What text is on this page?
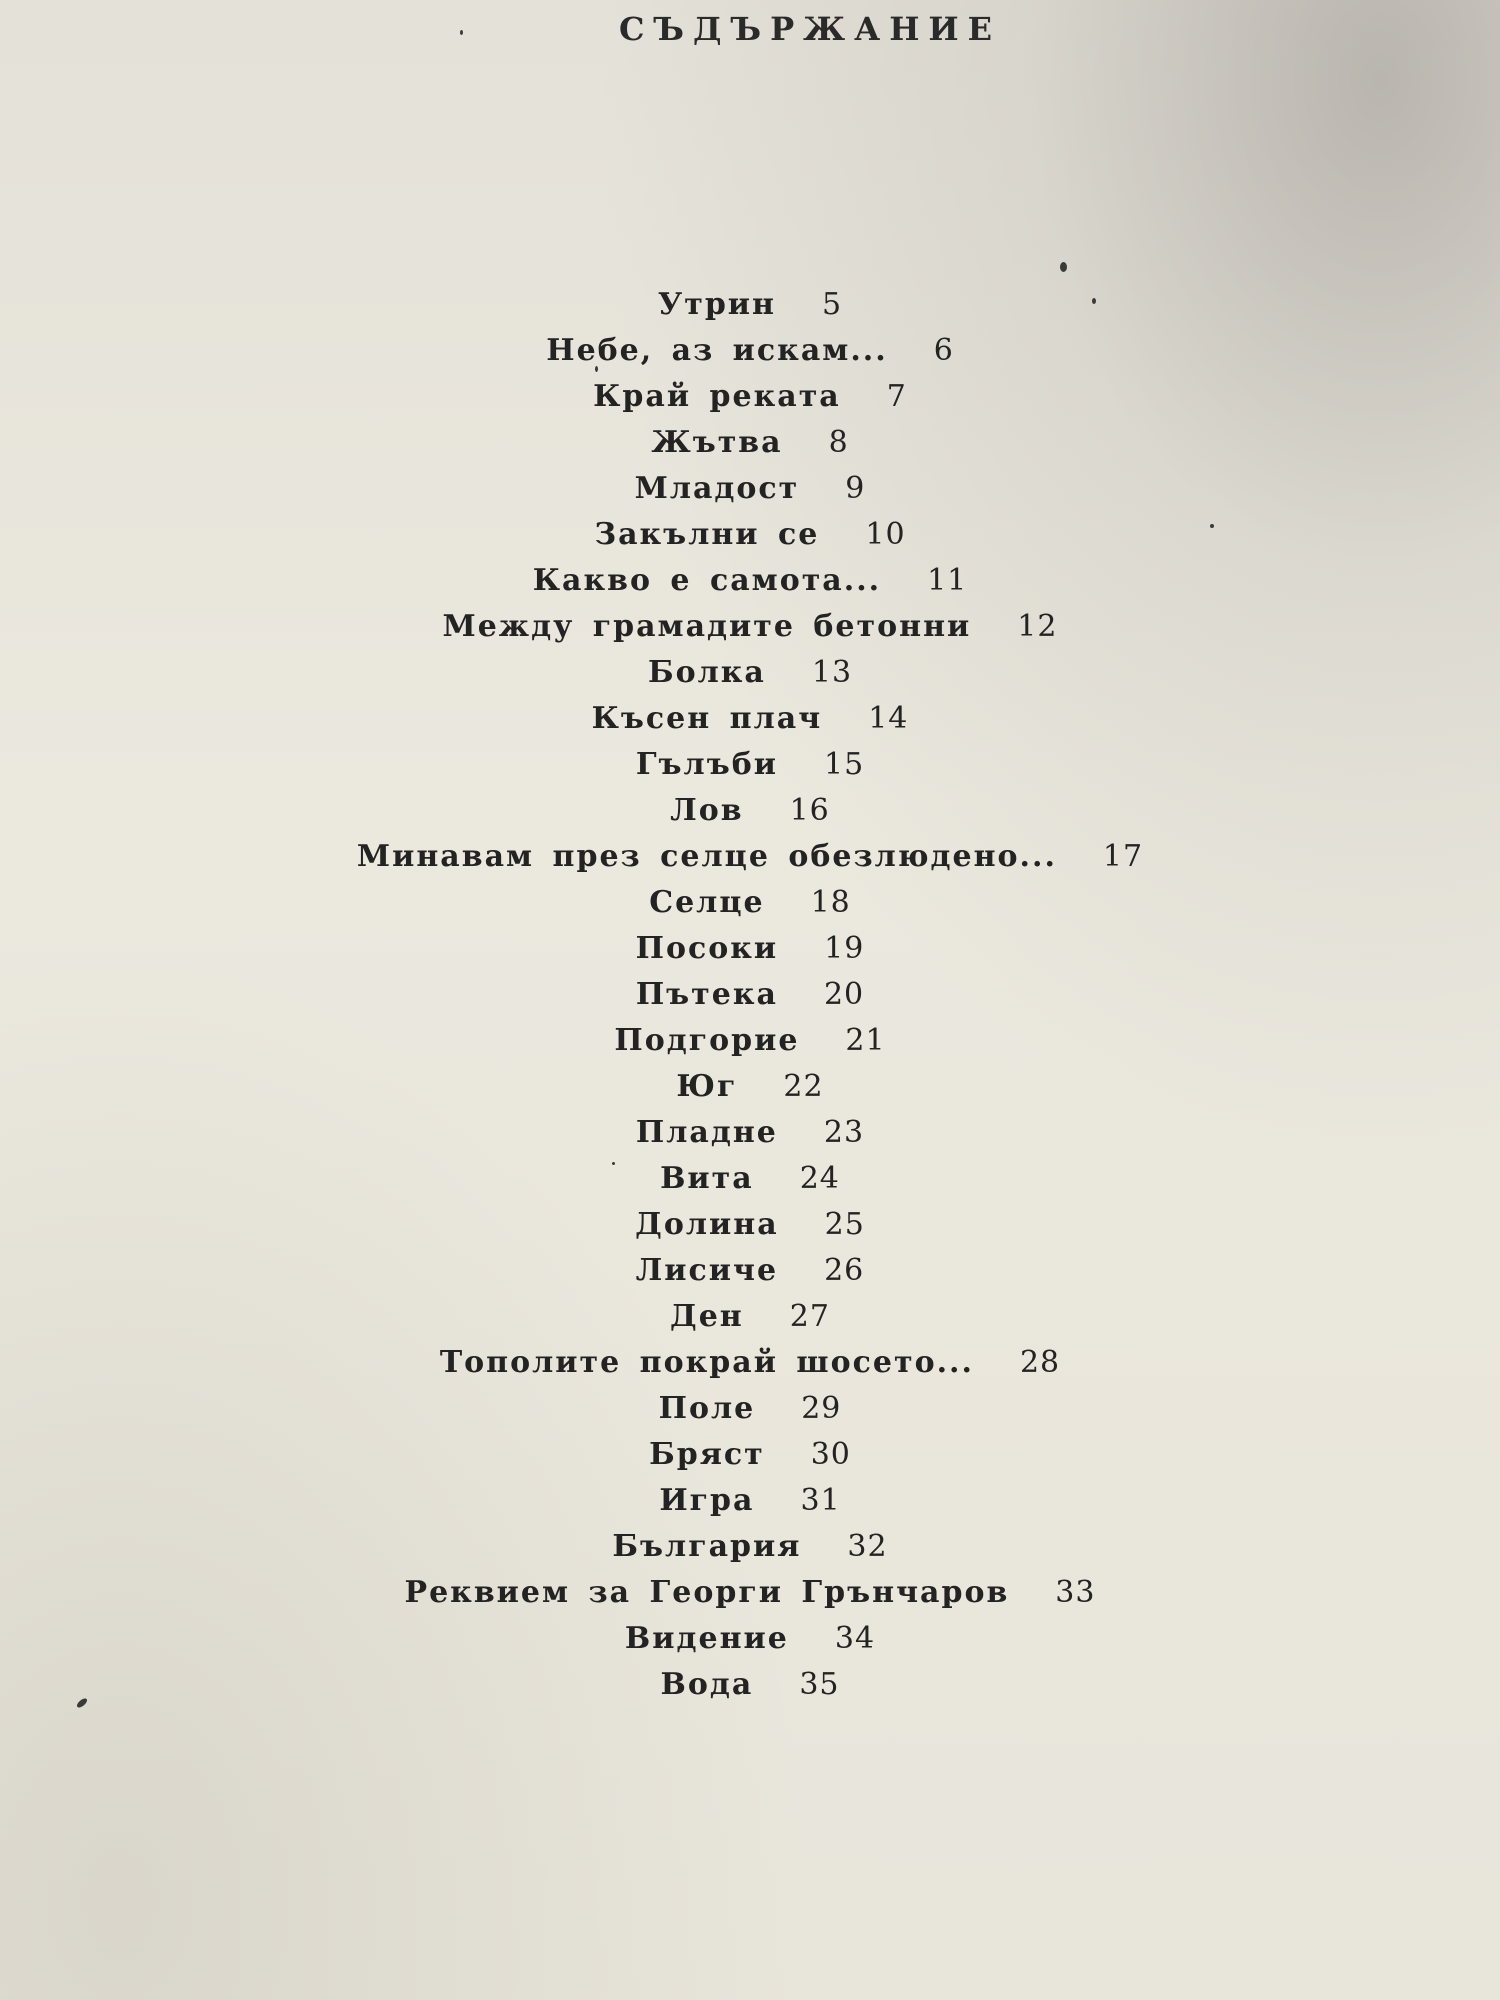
СЪДЪРЖАНИЕ
Утрин 5
Небе, аз искам... 6
Край реката 7
Жътва 8
Младост 9
Закълни се 10
Какво е самота... 11
Между грамадите бетонни 12
Болка 13
Късен плач 14
Гълъби 15
Лов 16
Минавам през селце обезлюдено... 17
Селце 18
Посоки 19
Пътека 20
Подгорие 21
Юг 22
Пладне 23
Вита 24
Долина 25
Лисиче 26
Ден 27
Тополите покрай шосето... 28
Поле 29
Бряст 30
Игра 31
България 32
Реквием за Георги Грънчаров 33
Видение 34
Вода 35
